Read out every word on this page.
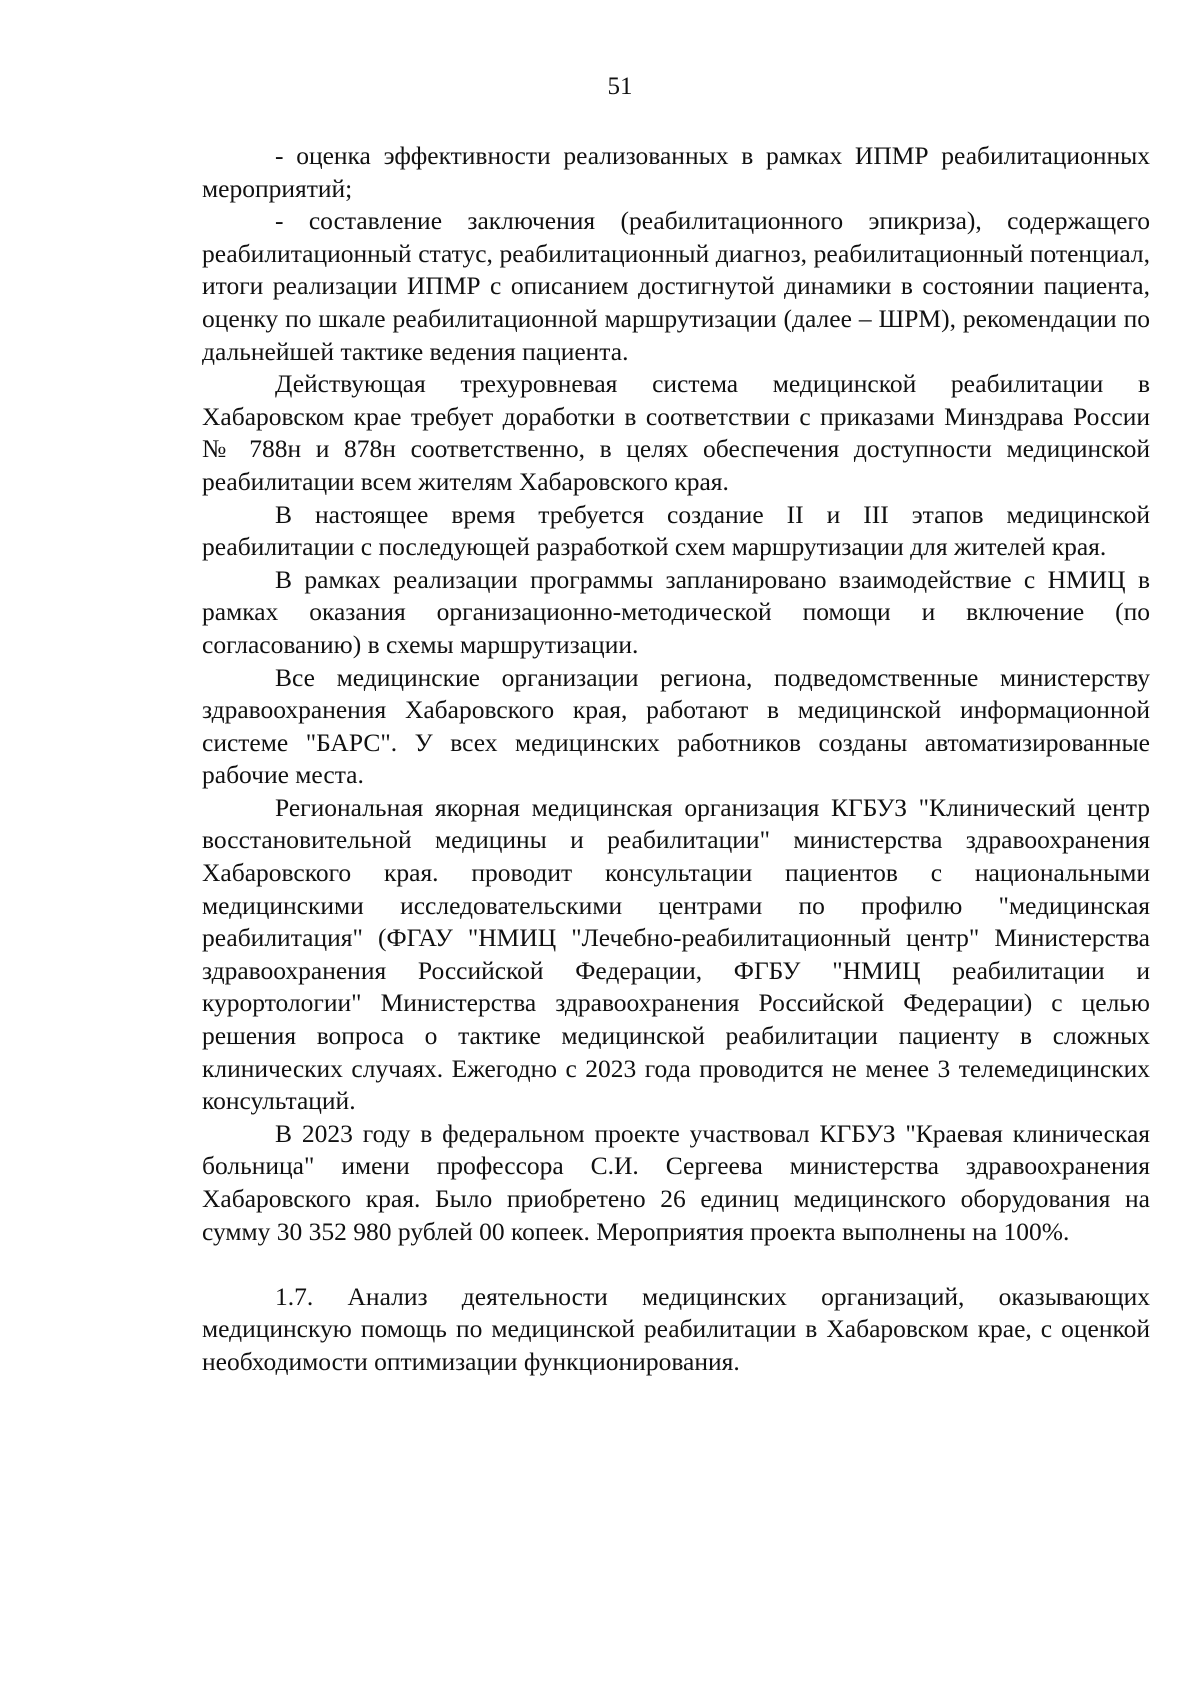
51

- оценка эффективности реализованных в рамках ИПМР реабилитационных мероприятий;

- составление заключения (реабилитационного эпикриза), содержащего реабилитационный статус, реабилитационный диагноз, реабилитационный потенциал, итоги реализации ИПМР с описанием достигнутой динамики в состоянии пациента, оценку по шкале реабилитационной маршрутизации (далее – ШРМ), рекомендации по дальнейшей тактике ведения пациента.

Действующая трехуровневая система медицинской реабилитации в Хабаровском крае требует доработки в соответствии с приказами Минздрава России № 788н и 878н соответственно, в целях обеспечения доступности медицинской реабилитации всем жителям Хабаровского края.

В настоящее время требуется создание II и III этапов медицинской реабилитации с последующей разработкой схем маршрутизации для жителей края.

В рамках реализации программы запланировано взаимодействие с НМИЦ в рамках оказания организационно-методической помощи и включение (по согласованию) в схемы маршрутизации.

Все медицинские организации региона, подведомственные министерству здравоохранения Хабаровского края, работают в медицинской информационной системе "БАРС". У всех медицинских работников созданы автоматизированные рабочие места.

Региональная якорная медицинская организация КГБУЗ "Клинический центр восстановительной медицины и реабилитации" министерства здравоохранения Хабаровского края. проводит консультации пациентов с национальными медицинскими исследовательскими центрами по профилю "медицинская реабилитация" (ФГАУ "НМИЦ "Лечебно-реабилитационный центр" Министерства здравоохранения Российской Федерации, ФГБУ "НМИЦ реабилитации и курортологии" Министерства здравоохранения Российской Федерации) с целью решения вопроса о тактике медицинской реабилитации пациенту в сложных клинических случаях. Ежегодно с 2023 года проводится не менее 3 телемедицинских консультаций.

В 2023 году в федеральном проекте участвовал КГБУЗ "Краевая клиническая больница" имени профессора С.И. Сергеева министерства здравоохранения Хабаровского края. Было приобретено 26 единиц медицинского оборудования на сумму 30 352 980 рублей 00 копеек. Мероприятия проекта выполнены на 100%.

1.7. Анализ деятельности медицинских организаций, оказывающих медицинскую помощь по медицинской реабилитации в Хабаровском крае, с оценкой необходимости оптимизации функционирования.
